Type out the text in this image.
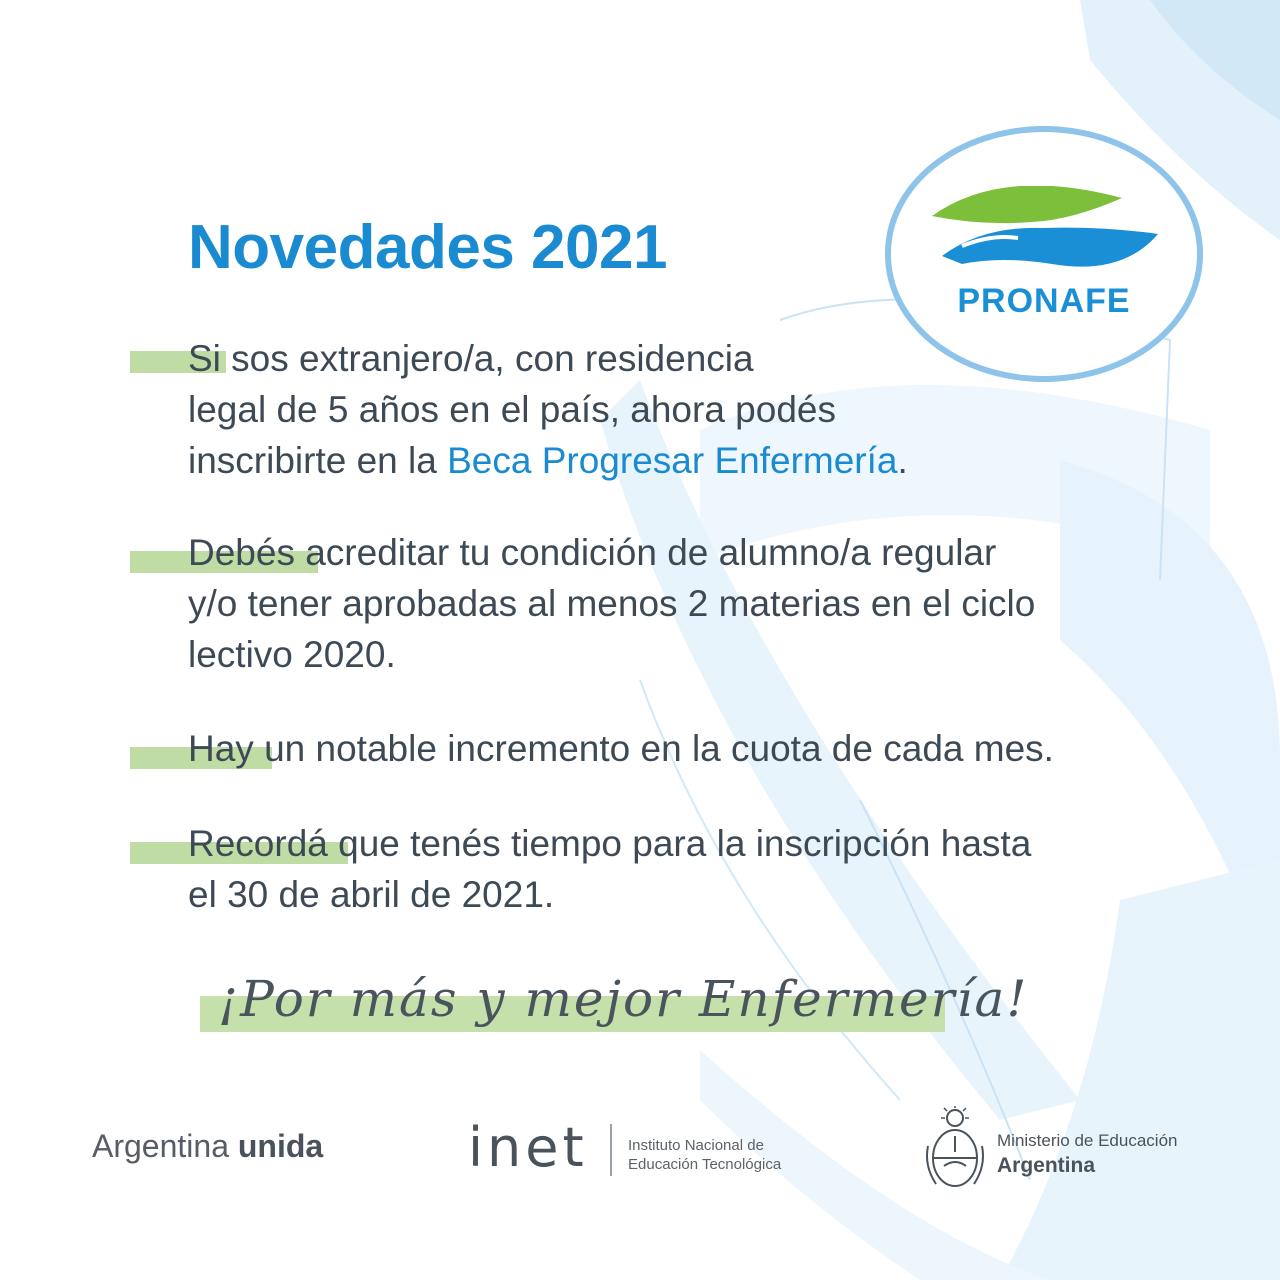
PRONAFE
Novedades 2021
Si sos extranjero/a, con residencia
legal de 5 años en el país, ahora podés
inscribirte en la Beca Progresar Enfermería.
Debés acreditar tu condición de alumno/a regular
y/o tener aprobadas al menos 2 materias en el ciclo
lectivo 2020.
Hay un notable incremento en la cuota de cada mes.
Recordá que tenés tiempo para la inscripción hasta
el 30 de abril de 2021.
¡Por más y mejor Enfermería!
Argentina unida	inet	Instituto Nacional de
Educación Tecnológica
Ministerio de Educación
Argentina
